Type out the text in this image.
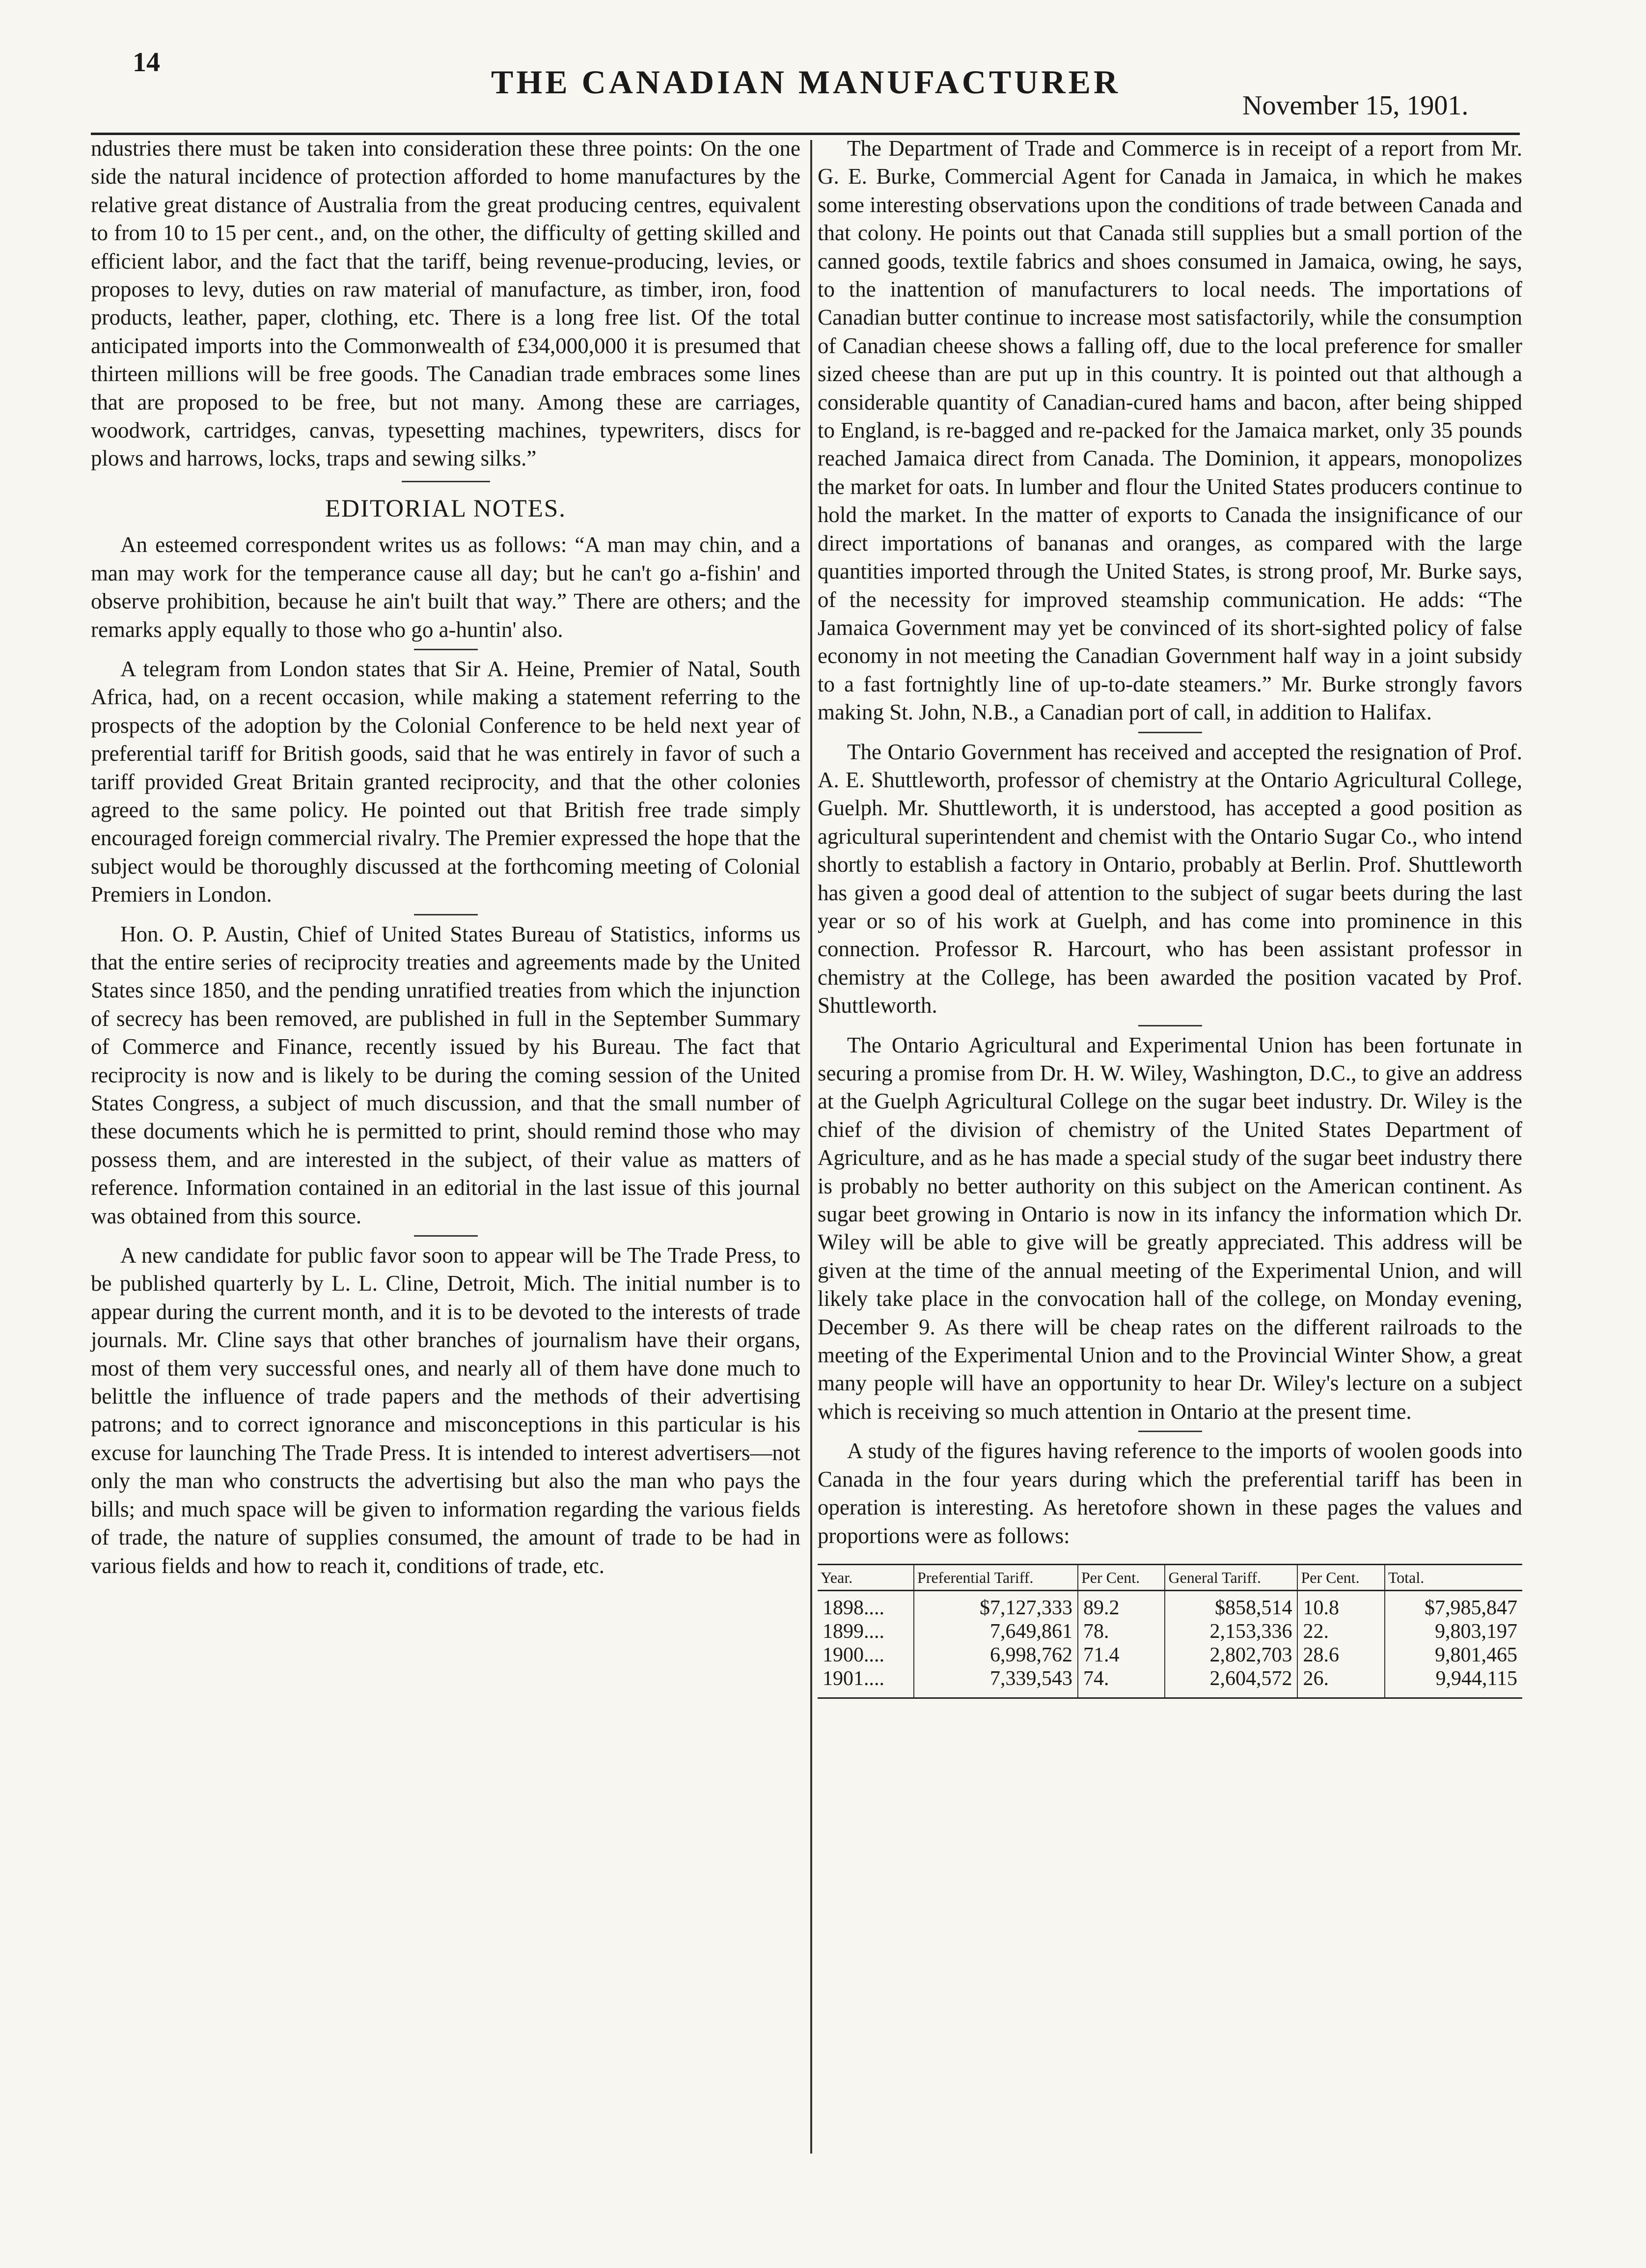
14
THE CANADIAN MANUFACTURER
November 15, 1901.

ndustries there must be taken into consideration these three points: On the one side the natural incidence of protection afforded to home manufactures by the relative great distance of Australia from the great producing centres, equivalent to from 10 to 15 per cent., and, on the other, the difficulty of getting skilled and efficient labor, and the fact that the tariff, being revenue-producing, levies, or proposes to levy, duties on raw material of manufacture, as timber, iron, food products, leather, paper, clothing, etc. There is a long free list. Of the total anticipated imports into the Commonwealth of £34,000,000 it is presumed that thirteen millions will be free goods. The Canadian trade embraces some lines that are proposed to be free, but not many. Among these are carriages, woodwork, cartridges, canvas, typesetting machines, typewriters, discs for plows and harrows, locks, traps and sewing silks.”

EDITORIAL NOTES.

An esteemed correspondent writes us as follows: “A man may chin, and a man may work for the temperance cause all day; but he can't go a-fishin' and observe prohibition, because he ain't built that way.” There are others; and the remarks apply equally to those who go a-huntin' also.

A telegram from London states that Sir A. Heine, Premier of Natal, South Africa, had, on a recent occasion, while making a statement referring to the prospects of the adoption by the Colonial Conference to be held next year of preferential tariff for British goods, said that he was entirely in favor of such a tariff provided Great Britain granted reciprocity, and that the other colonies agreed to the same policy. He pointed out that British free trade simply encouraged foreign commercial rivalry. The Premier expressed the hope that the subject would be thoroughly discussed at the forthcoming meeting of Colonial Premiers in London.

Hon. O. P. Austin, Chief of United States Bureau of Statistics, informs us that the entire series of reciprocity treaties and agreements made by the United States since 1850, and the pending unratified treaties from which the injunction of secrecy has been removed, are published in full in the September Summary of Commerce and Finance, recently issued by his Bureau. The fact that reciprocity is now and is likely to be during the coming session of the United States Congress, a subject of much discussion, and that the small number of these documents which he is permitted to print, should remind those who may possess them, and are interested in the subject, of their value as matters of reference. Information contained in an editorial in the last issue of this journal was obtained from this source.

A new candidate for public favor soon to appear will be The Trade Press, to be published quarterly by L. L. Cline, Detroit, Mich. The initial number is to appear during the current month, and it is to be devoted to the interests of trade journals. Mr. Cline says that other branches of journalism have their organs, most of them very successful ones, and nearly all of them have done much to belittle the influence of trade papers and the methods of their advertising patrons; and to correct ignorance and misconceptions in this particular is his excuse for launching The Trade Press. It is intended to interest advertisers—not only the man who constructs the advertising but also the man who pays the bills; and much space will be given to information regarding the various fields of trade, the nature of supplies consumed, the amount of trade to be had in various fields and how to reach it, conditions of trade, etc.

The Department of Trade and Commerce is in receipt of a report from Mr. G. E. Burke, Commercial Agent for Canada in Jamaica, in which he makes some interesting observations upon the conditions of trade between Canada and that colony. He points out that Canada still supplies but a small portion of the canned goods, textile fabrics and shoes consumed in Jamaica, owing, he says, to the inattention of manufacturers to local needs. The importations of Canadian butter continue to increase most satisfactorily, while the consumption of Canadian cheese shows a falling off, due to the local preference for smaller sized cheese than are put up in this country. It is pointed out that although a considerable quantity of Canadian-cured hams and bacon, after being shipped to England, is re-bagged and re-packed for the Jamaica market, only 35 pounds reached Jamaica direct from Canada. The Dominion, it appears, monopolizes the market for oats. In lumber and flour the United States producers continue to hold the market. In the matter of exports to Canada the insignificance of our direct importations of bananas and oranges, as compared with the large quantities imported through the United States, is strong proof, Mr. Burke says, of the necessity for improved steamship communication. He adds: “The Jamaica Government may yet be convinced of its short-sighted policy of false economy in not meeting the Canadian Government half way in a joint subsidy to a fast fortnightly line of up-to-date steamers.” Mr. Burke strongly favors making St. John, N.B., a Canadian port of call, in addition to Halifax.

The Ontario Government has received and accepted the resignation of Prof. A. E. Shuttleworth, professor of chemistry at the Ontario Agricultural College, Guelph. Mr. Shuttleworth, it is understood, has accepted a good position as agricultural superintendent and chemist with the Ontario Sugar Co., who intend shortly to establish a factory in Ontario, probably at Berlin. Prof. Shuttleworth has given a good deal of attention to the subject of sugar beets during the last year or so of his work at Guelph, and has come into prominence in this connection. Professor R. Harcourt, who has been assistant professor in chemistry at the College, has been awarded the position vacated by Prof. Shuttleworth.

The Ontario Agricultural and Experimental Union has been fortunate in securing a promise from Dr. H. W. Wiley, Washington, D.C., to give an address at the Guelph Agricultural College on the sugar beet industry. Dr. Wiley is the chief of the division of chemistry of the United States Department of Agriculture, and as he has made a special study of the sugar beet industry there is probably no better authority on this subject on the American continent. As sugar beet growing in Ontario is now in its infancy the information which Dr. Wiley will be able to give will be greatly appreciated. This address will be given at the time of the annual meeting of the Experimental Union, and will likely take place in the convocation hall of the college, on Monday evening, December 9. As there will be cheap rates on the different railroads to the meeting of the Experimental Union and to the Provincial Winter Show, a great many people will have an opportunity to hear Dr. Wiley's lecture on a subject which is receiving so much attention in Ontario at the present time.

A study of the figures having reference to the imports of woolen goods into Canada in the four years during which the preferential tariff has been in operation is interesting. As heretofore shown in these pages the values and proportions were as follows:

Year.	Preferential Tariff.	Per Cent.	General Tariff.	Per Cent.	Total.
1898....	$7,127,333	89.2	$858,514	10.8	$7,985,847
1899....	7,649,861	78.	2,153,336	22.	9,803,197
1900....	6,998,762	71.4	2,802,703	28.6	9,801,465
1901....	7,339,543	74.	2,604,572	26.	9,944,115
